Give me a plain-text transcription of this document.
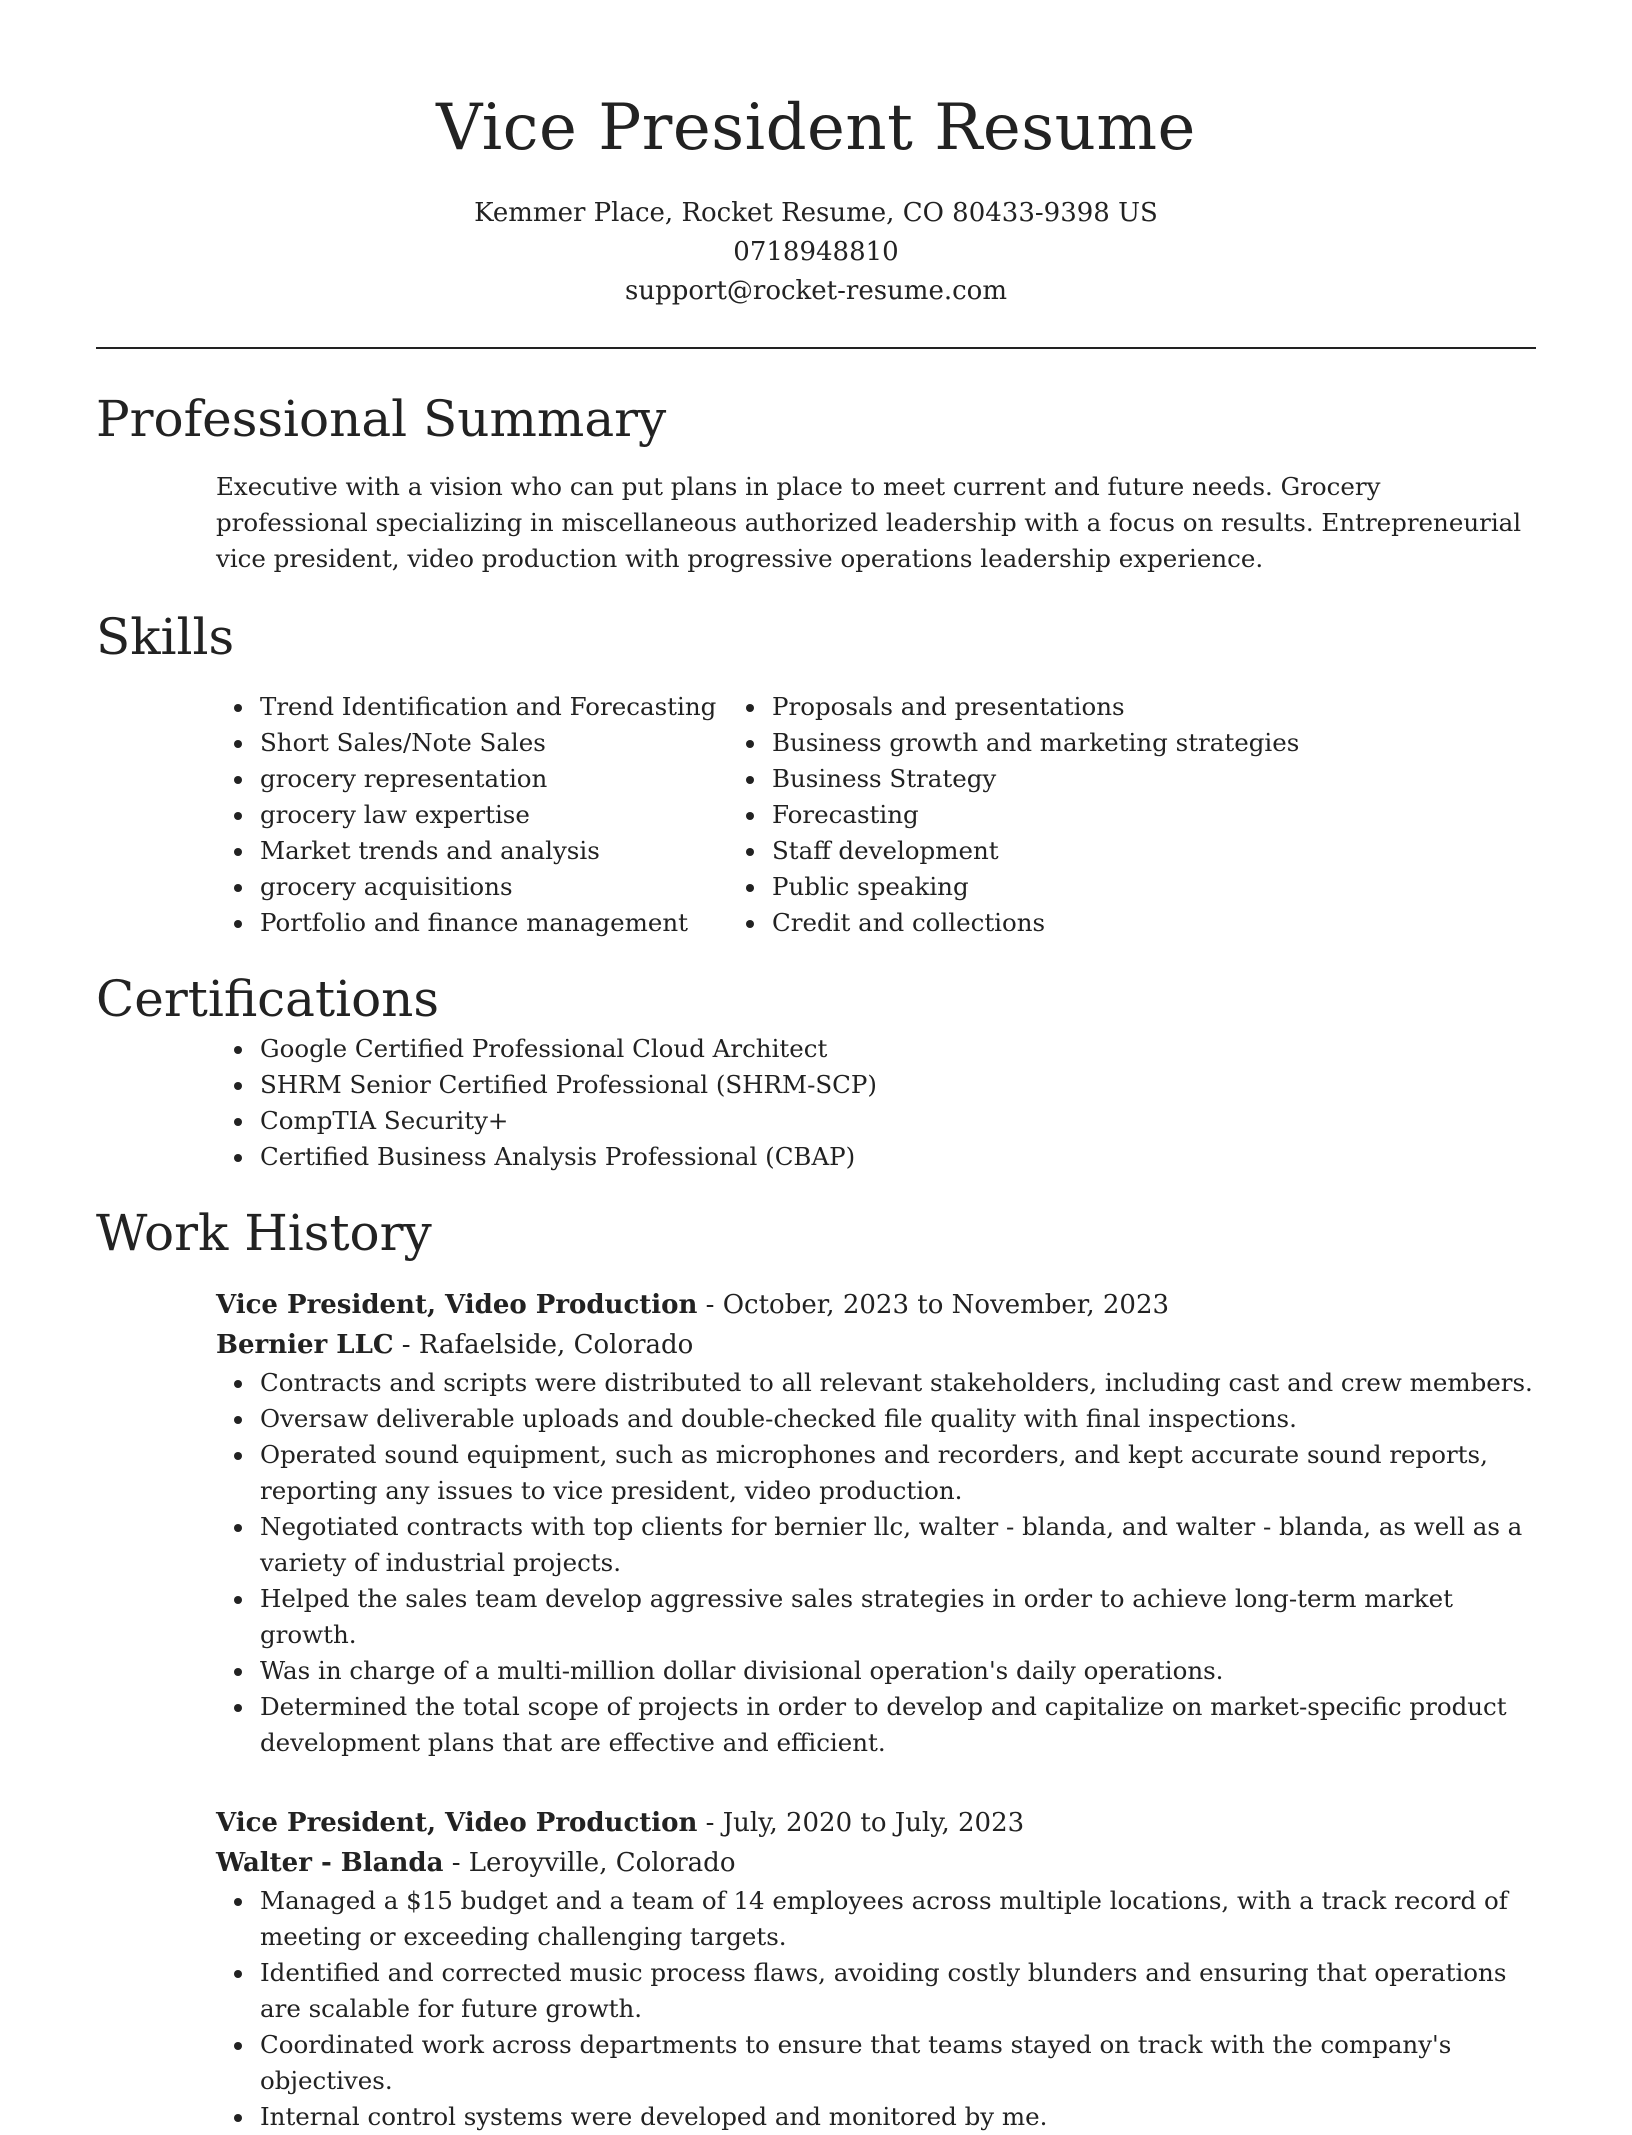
Vice President Resume
Kemmer Place, Rocket Resume, CO 80433-9398 US
0718948810
support@rocket-resume.com
Professional Summary

Executive with a vision who can put plans in place to meet current and future needs. Grocery professional specializing in miscellaneous authorized leadership with a focus on results. Entrepreneurial vice president, video production with progressive operations leadership experience.

Skills
Trend Identification and Forecasting
Short Sales/Note Sales
grocery representation
grocery law expertise
Market trends and analysis
grocery acquisitions
Portfolio and finance management
Proposals and presentations
Business growth and marketing strategies
Business Strategy
Forecasting
Staff development
Public speaking
Credit and collections
Certifications
Google Certified Professional Cloud Architect
SHRM Senior Certified Professional (SHRM-SCP)
CompTIA Security+
Certified Business Analysis Professional (CBAP)
Work History
Vice President, Video Production - October, 2023 to November, 2023
Bernier LLC - Rafaelside, Colorado
Contracts and scripts were distributed to all relevant stakeholders, including cast and crew members.
Oversaw deliverable uploads and double-checked file quality with final inspections.
Operated sound equipment, such as microphones and recorders, and kept accurate sound reports, reporting any issues to vice president, video production.
Negotiated contracts with top clients for bernier llc, walter - blanda, and walter - blanda, as well as a variety of industrial projects.
Helped the sales team develop aggressive sales strategies in order to achieve long-term market growth.
Was in charge of a multi-million dollar divisional operation's daily operations.
Determined the total scope of projects in order to develop and capitalize on market-specific product development plans that are effective and efficient.
Vice President, Video Production - July, 2020 to July, 2023
Walter - Blanda - Leroyville, Colorado
Managed a $15 budget and a team of 14 employees across multiple locations, with a track record of meeting or exceeding challenging targets.
Identified and corrected music process flaws, avoiding costly blunders and ensuring that operations are scalable for future growth.
Coordinated work across departments to ensure that teams stayed on track with the company's objectives.
Internal control systems were developed and monitored by me.
